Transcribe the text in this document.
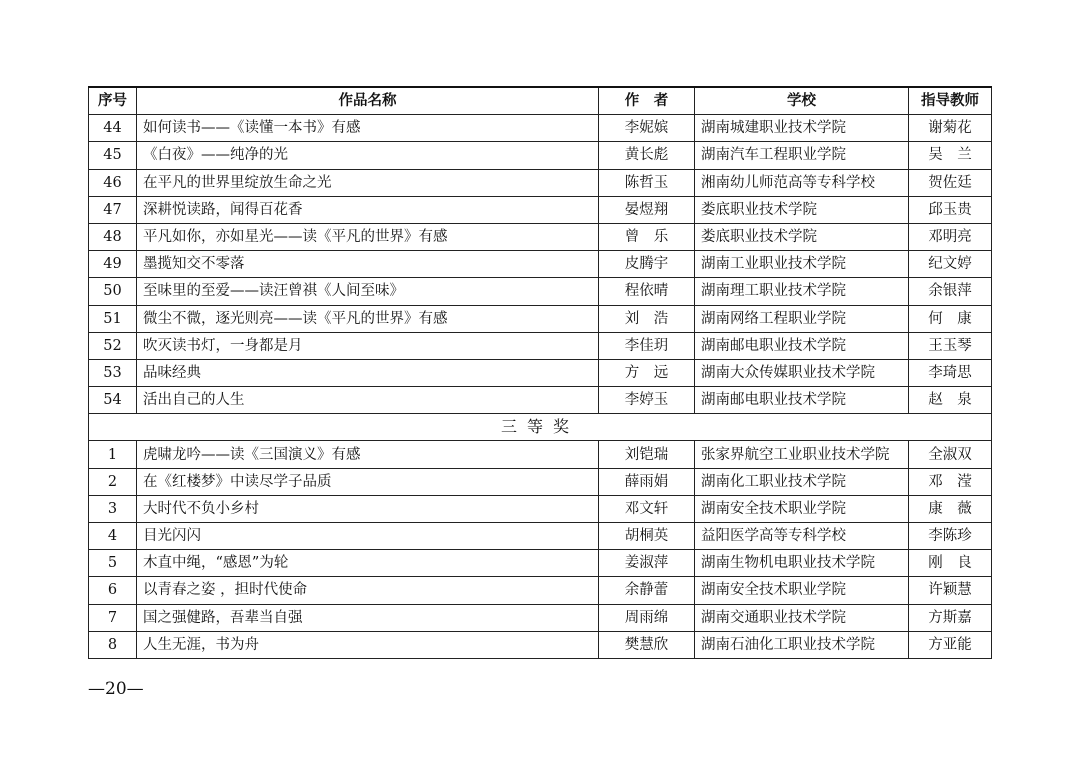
序号	作品名称	作　者	学校	指导教师
44	如何读书——《读懂一本书》有感	李妮嫔	湖南城建职业技术学院	谢菊花
45	《白夜》——纯净的光	黄长彪	湖南汽车工程职业学院	吴　兰
46	在平凡的世界里绽放生命之光	陈哲玉	湘南幼儿师范高等专科学校	贺佐廷
47	深耕悦读路，闻得百花香	晏煜翔	娄底职业技术学院	邱玉贵
48	平凡如你，亦如星光——读《平凡的世界》有感	曾　乐	娄底职业技术学院	邓明亮
49	墨揽知交不零落	皮腾宇	湖南工业职业技术学院	纪文婷
50	至味里的至爱——读汪曾祺《人间至味》	程依晴	湖南理工职业技术学院	余银萍
51	微尘不微，逐光则亮——读《平凡的世界》有感	刘　浩	湖南网络工程职业学院	何　康
52	吹灭读书灯，一身都是月	李佳玥	湖南邮电职业技术学院	王玉琴
53	品味经典	方　远	湖南大众传媒职业技术学院	李琦思
54	活出自己的人生	李婷玉	湖南邮电职业技术学院	赵　泉
三等奖				
1	虎啸龙吟——读《三国演义》有感	刘铠瑞	张家界航空工业职业技术学院	全淑双
2	在《红楼梦》中读尽学子品质	薛雨娟	湖南化工职业技术学院	邓　滢
3	大时代不负小乡村	邓文轩	湖南安全技术职业学院	康　薇
4	目光闪闪	胡桐英	益阳医学高等专科学校	李陈珍
5	木直中绳，“感恩”为轮	姜淑萍	湖南生物机电职业技术学院	刚　良
6	以青春之姿 ，担时代使命	余静蕾	湖南安全技术职业学院	许颖慧
7	国之强健路，吾辈当自强	周雨绵	湖南交通职业技术学院	方斯嘉
8	人生无涯，书为舟	樊慧欣	湖南石油化工职业技术学院	方亚能
—20—
